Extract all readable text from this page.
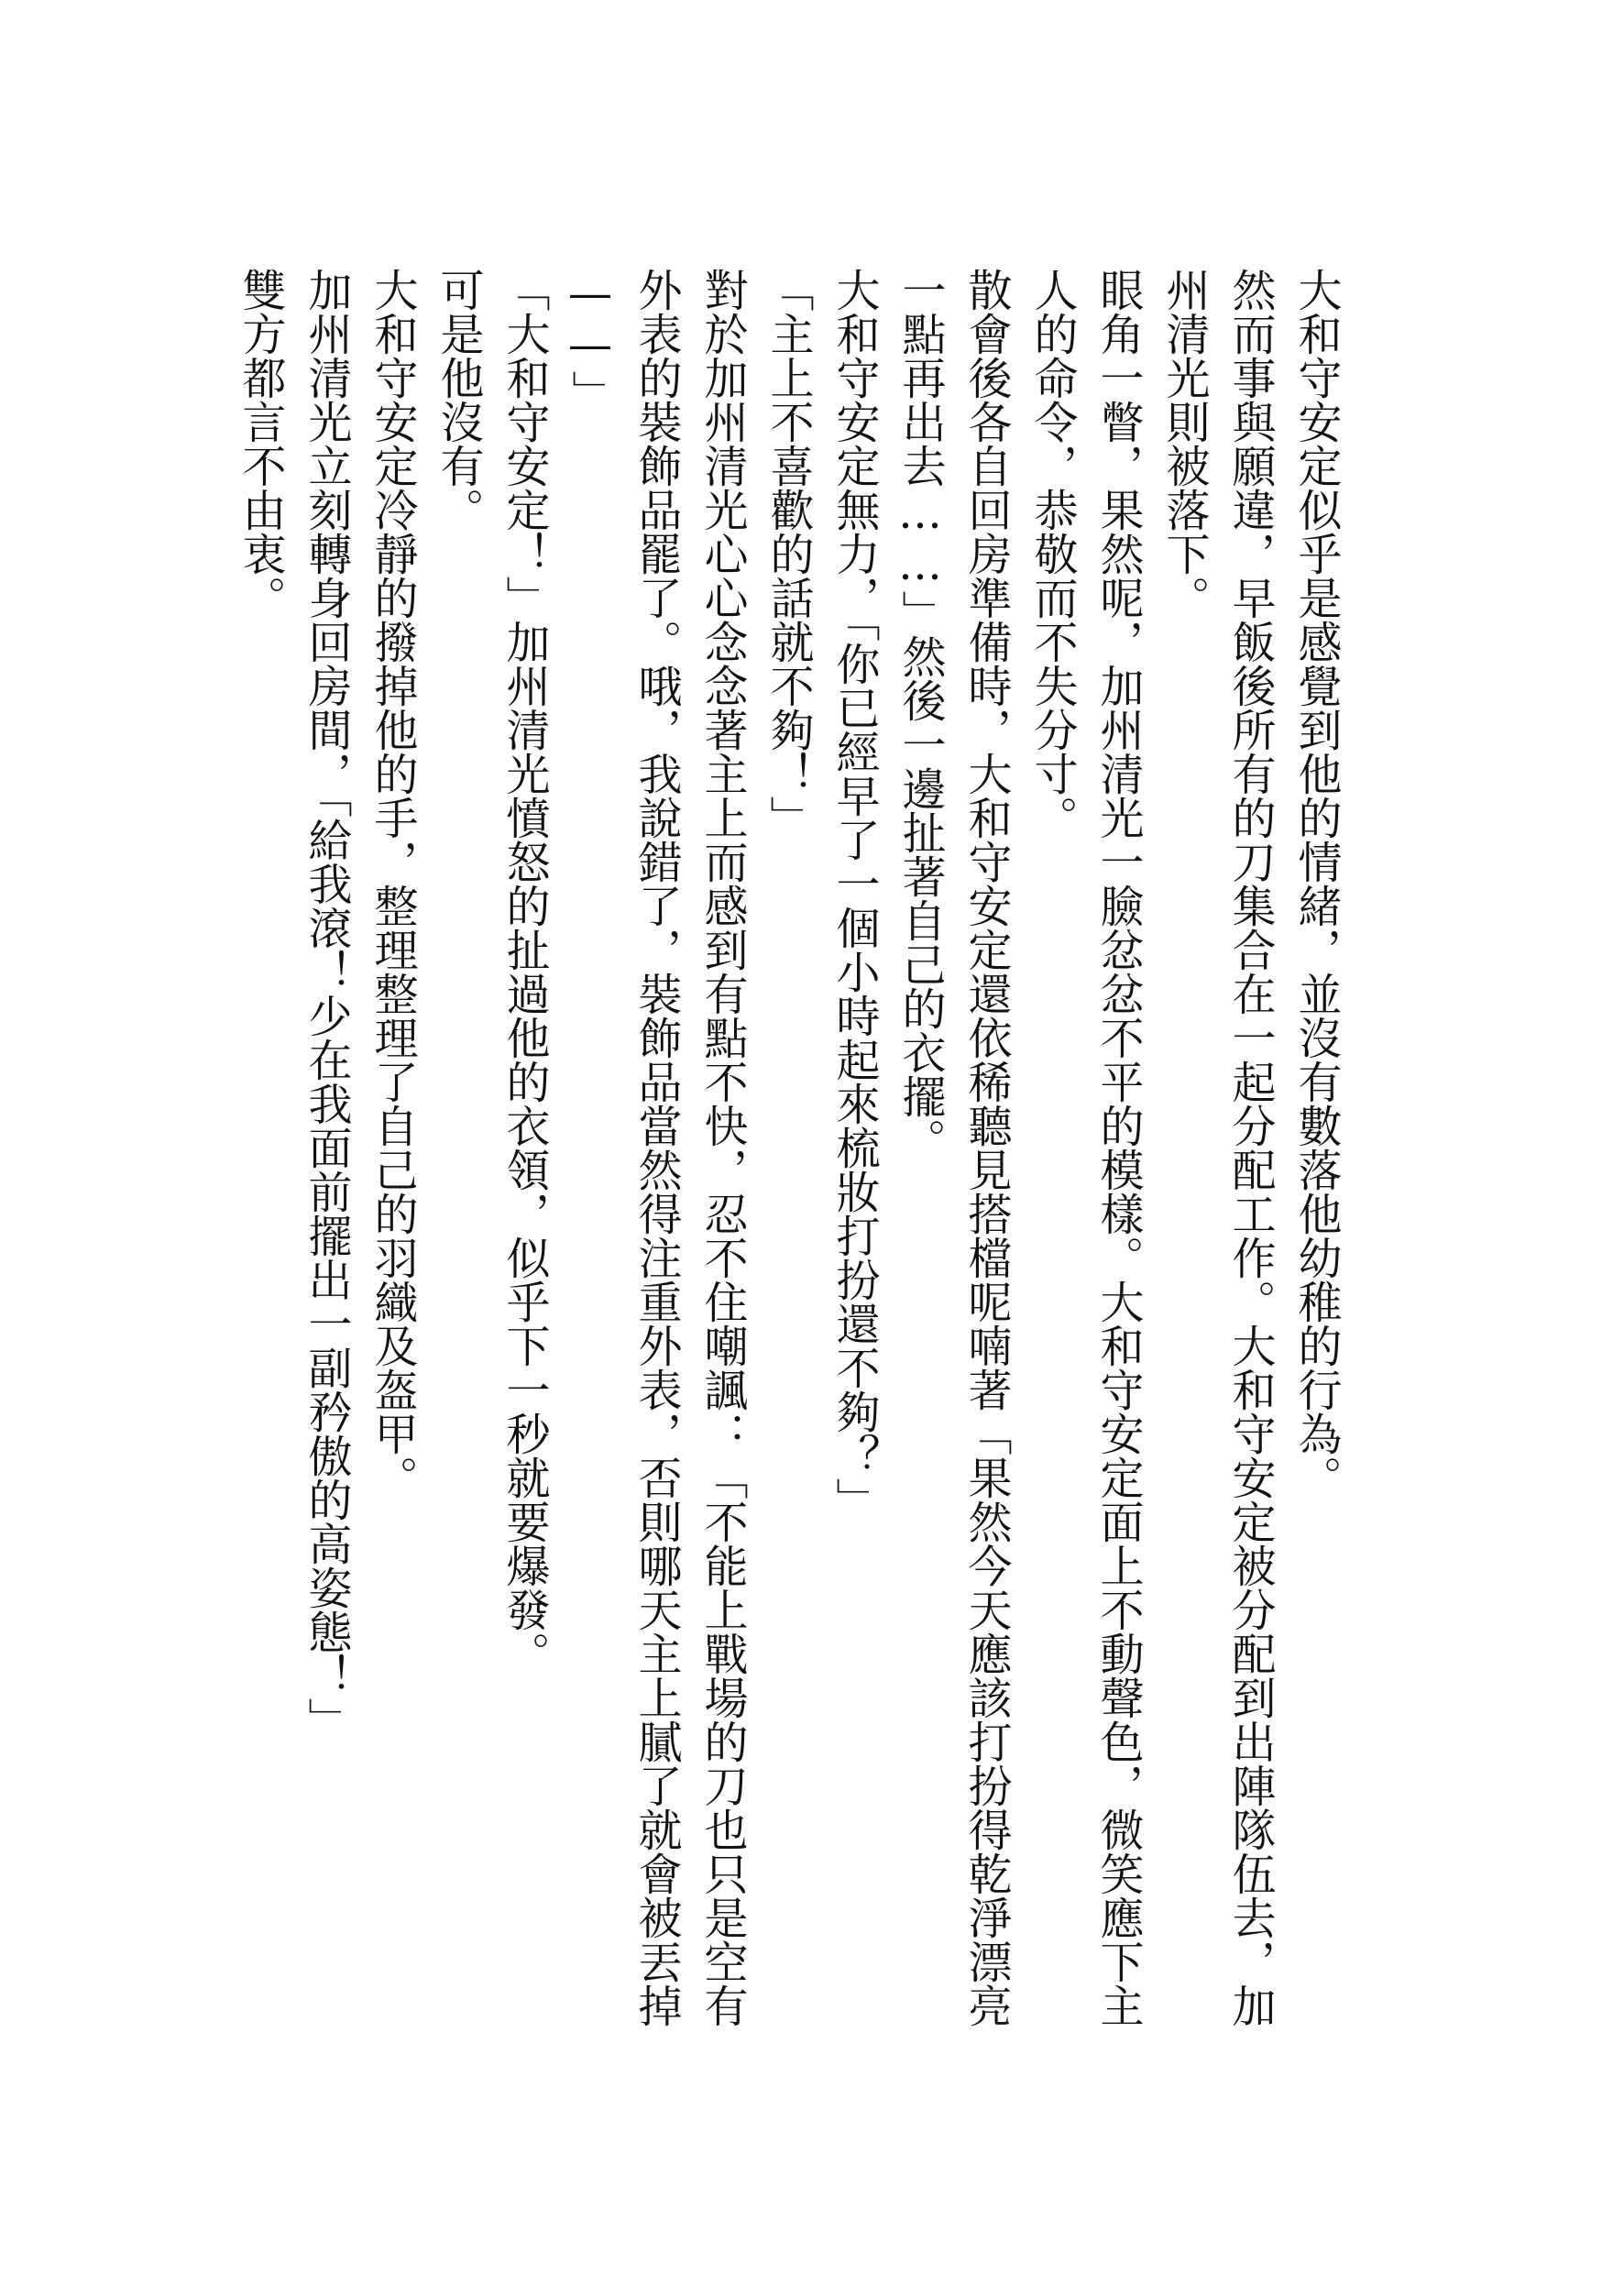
大和守安定似乎是感覺到他的情緒，並沒有數落他幼稚的行為。

然而事與願違，早飯後所有的刀集合在一起分配工作。大和守安定被分配到出陣隊伍去，加州清光則被落下。

眼角一瞥，果然呢，加州清光一臉忿忿不平的模樣。大和守安定面上不動聲色，微笑應下主人的命令，恭敬而不失分寸。

散會後各自回房準備時，大和守安定還依稀聽見搭檔呢喃著「果然今天應該打扮得乾淨漂亮一點再出去……」然後一邊扯著自己的衣擺。

大和守安定無力，「你已經早了一個小時起來梳妝打扮還不夠？」

「主上不喜歡的話就不夠！」

對於加州清光心心念念著主上而感到有點不快，忍不住嘲諷：「不能上戰場的刀也只是空有外表的裝飾品罷了。哦，我說錯了，裝飾品當然得注重外表，否則哪天主上膩了就會被丟掉——」

「大和守安定！」加州清光憤怒的扯過他的衣領，似乎下一秒就要爆發。

可是他沒有。

大和守安定冷靜的撥掉他的手，整理整理了自己的羽織及盔甲。

加州清光立刻轉身回房間，「給我滾！少在我面前擺出一副矜傲的高姿態！」

雙方都言不由衷。
